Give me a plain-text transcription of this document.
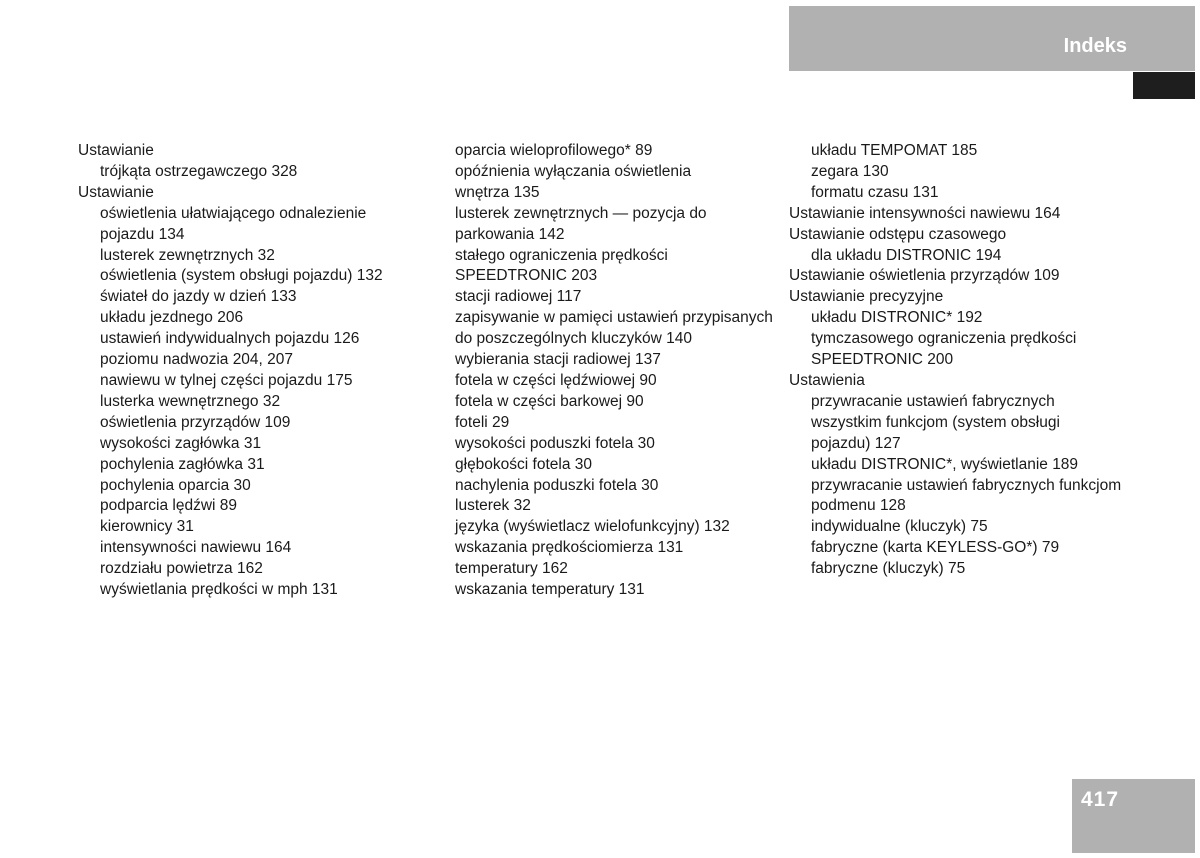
Indeks
Ustawianie
trójkąta ostrzegawczego 328
Ustawianie
oświetlenia ułatwiającego odnalezienie
pojazdu 134
lusterek zewnętrznych 32
oświetlenia (system obsługi pojazdu) 132
świateł do jazdy w dzień 133
układu jezdnego 206
ustawień indywidualnych pojazdu 126
poziomu nadwozia 204, 207
nawiewu w tylnej części pojazdu 175
lusterka wewnętrznego 32
oświetlenia przyrządów 109
wysokości zagłówka 31
pochylenia zagłówka 31
pochylenia oparcia 30
podparcia lędźwi 89
kierownicy 31
intensywności nawiewu 164
rozdziału powietrza 162
wyświetlania prędkości w mph 131
oparcia wieloprofilowego* 89
opóźnienia wyłączania oświetlenia
wnętrza 135
lusterek zewnętrznych — pozycja do
parkowania 142
stałego ograniczenia prędkości
SPEEDTRONIC 203
stacji radiowej 117
zapisywanie w pamięci ustawień przypisanych
do poszczególnych kluczyków 140
wybierania stacji radiowej 137
fotela w części lędźwiowej 90
fotela w części barkowej 90
foteli 29
wysokości poduszki fotela 30
głębokości fotela 30
nachylenia poduszki fotela 30
lusterek 32
języka (wyświetlacz wielofunkcyjny) 132
wskazania prędkościomierza 131
temperatury 162
wskazania temperatury 131
układu TEMPOMAT 185
zegara 130
formatu czasu 131
Ustawianie intensywności nawiewu 164
Ustawianie odstępu czasowego
dla układu DISTRONIC 194
Ustawianie oświetlenia przyrządów 109
Ustawianie precyzyjne
układu DISTRONIC* 192
tymczasowego ograniczenia prędkości
SPEEDTRONIC 200
Ustawienia
przywracanie ustawień fabrycznych
wszystkim funkcjom (system obsługi
pojazdu) 127
układu DISTRONIC*, wyświetlanie 189
przywracanie ustawień fabrycznych funkcjom
podmenu 128
indywidualne (kluczyk) 75
fabryczne (karta KEYLESS-GO*) 79
fabryczne (kluczyk) 75
417
